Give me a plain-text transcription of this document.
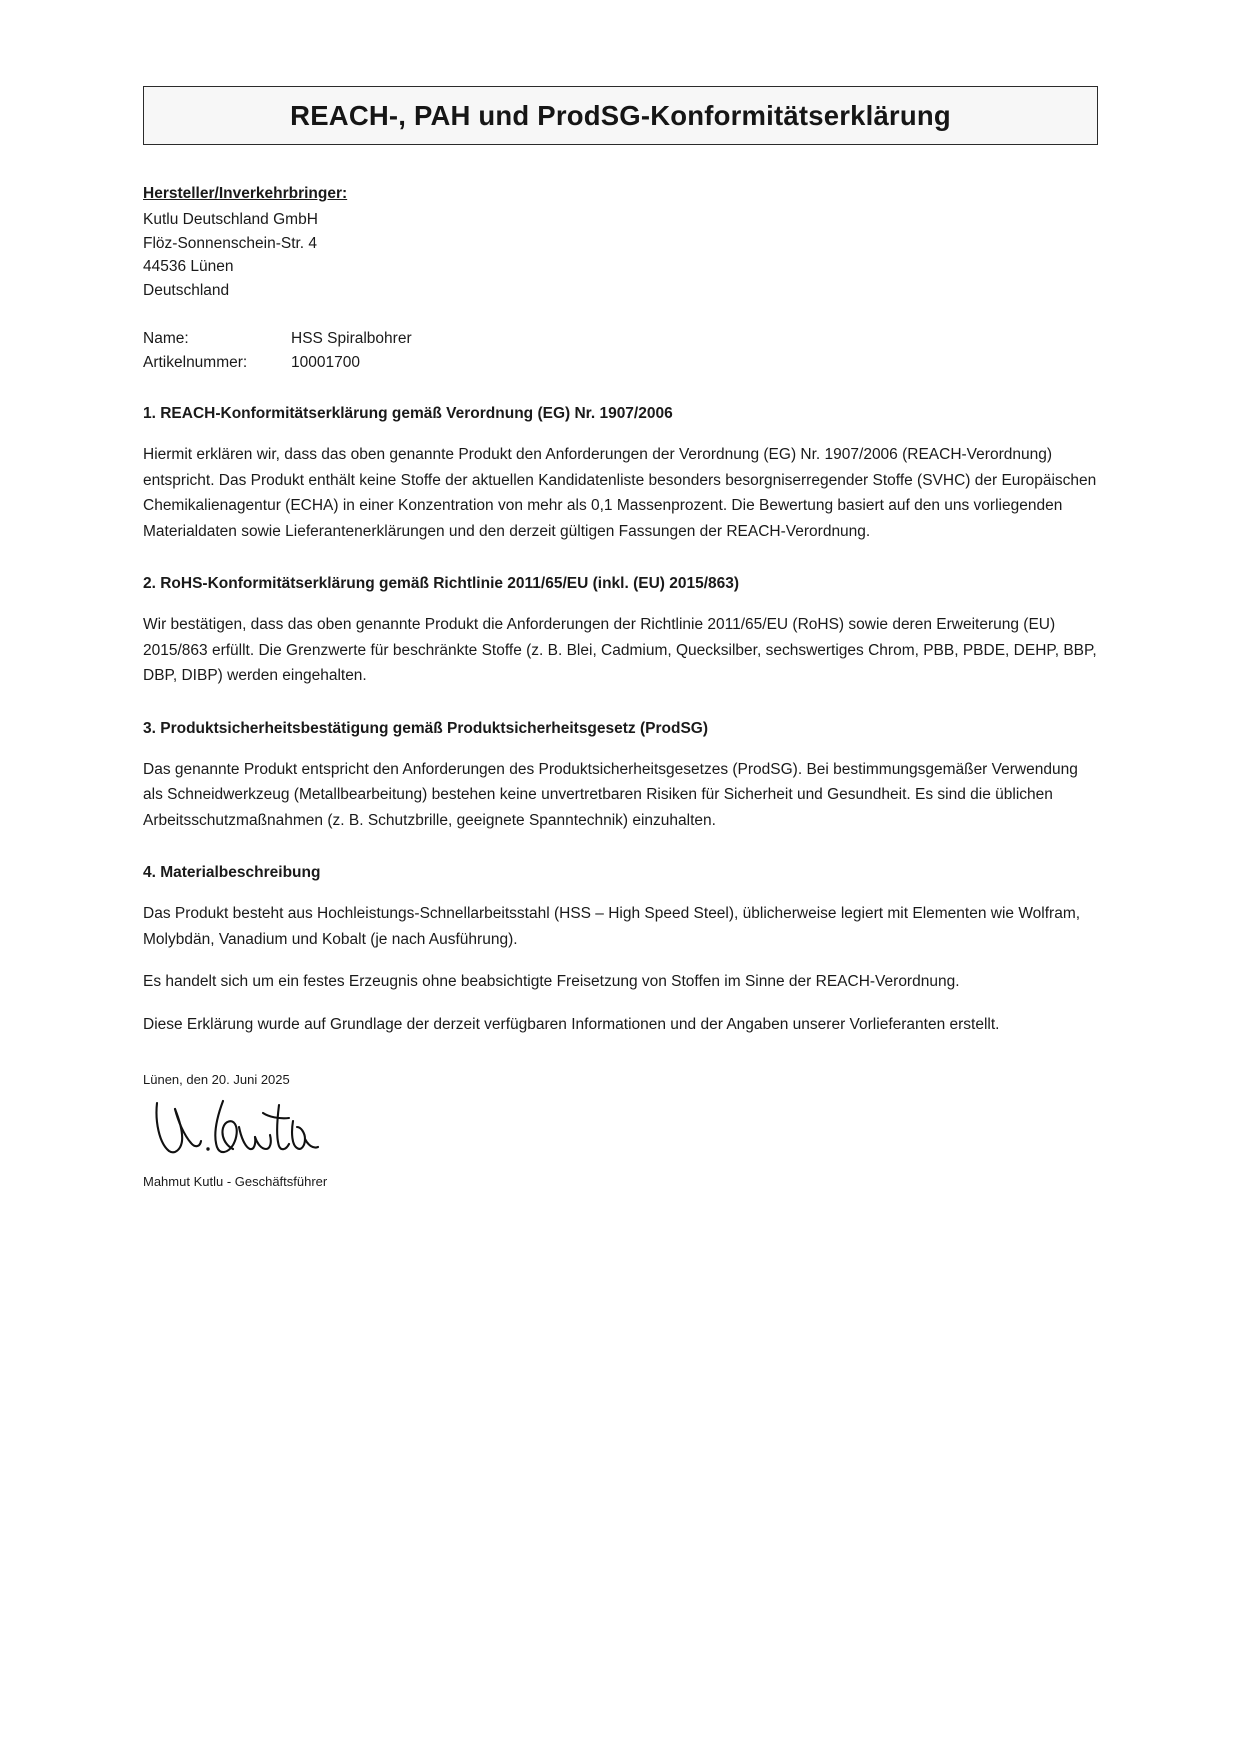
REACH-, PAH und ProdSG-Konformitätserklärung
Hersteller/Inverkehrbringer:
Kutlu Deutschland GmbH
Flöz-Sonnenschein-Str. 4
44536 Lünen
Deutschland
Name:	HSS Spiralbohrer
Artikelnummer:	10001700
1. REACH-Konformitätserklärung gemäß Verordnung (EG) Nr. 1907/2006

Hiermit erklären wir, dass das oben genannte Produkt den Anforderungen der Verordnung (EG) Nr. 1907/2006 (REACH-Verordnung) entspricht. Das Produkt enthält keine Stoffe der aktuellen Kandidatenliste besonders besorgniserregender Stoffe (SVHC) der Europäischen Chemikalienagentur (ECHA) in einer Konzentration von mehr als 0,1 Massenprozent. Die Bewertung basiert auf den uns vorliegenden Materialdaten sowie Lieferantenerklärungen und den derzeit gültigen Fassungen der REACH-Verordnung.

2. RoHS-Konformitätserklärung gemäß Richtlinie 2011/65/EU (inkl. (EU) 2015/863)

Wir bestätigen, dass das oben genannte Produkt die Anforderungen der Richtlinie 2011/65/EU (RoHS) sowie deren Erweiterung (EU) 2015/863 erfüllt. Die Grenzwerte für beschränkte Stoffe (z. B. Blei, Cadmium, Quecksilber, sechswertiges Chrom, PBB, PBDE, DEHP, BBP, DBP, DIBP) werden eingehalten.

3. Produktsicherheitsbestätigung gemäß Produktsicherheitsgesetz (ProdSG)

Das genannte Produkt entspricht den Anforderungen des Produktsicherheitsgesetzes (ProdSG). Bei bestimmungsgemäßer Verwendung als Schneidwerkzeug (Metallbearbeitung) bestehen keine unvertretbaren Risiken für Sicherheit und Gesundheit. Es sind die üblichen Arbeitsschutzmaßnahmen (z. B. Schutzbrille, geeignete Spanntechnik) einzuhalten.

4. Materialbeschreibung

Das Produkt besteht aus Hochleistungs-Schnellarbeitsstahl (HSS – High Speed Steel), üblicherweise legiert mit Elementen wie Wolfram, Molybdän, Vanadium und Kobalt (je nach Ausführung).

Es handelt sich um ein festes Erzeugnis ohne beabsichtigte Freisetzung von Stoffen im Sinne der REACH-Verordnung.

Diese Erklärung wurde auf Grundlage der derzeit verfügbaren Informationen und der Angaben unserer Vorlieferanten erstellt.

Lünen, den 20. Juni 2025
Mahmut Kutlu - Geschäftsführer
